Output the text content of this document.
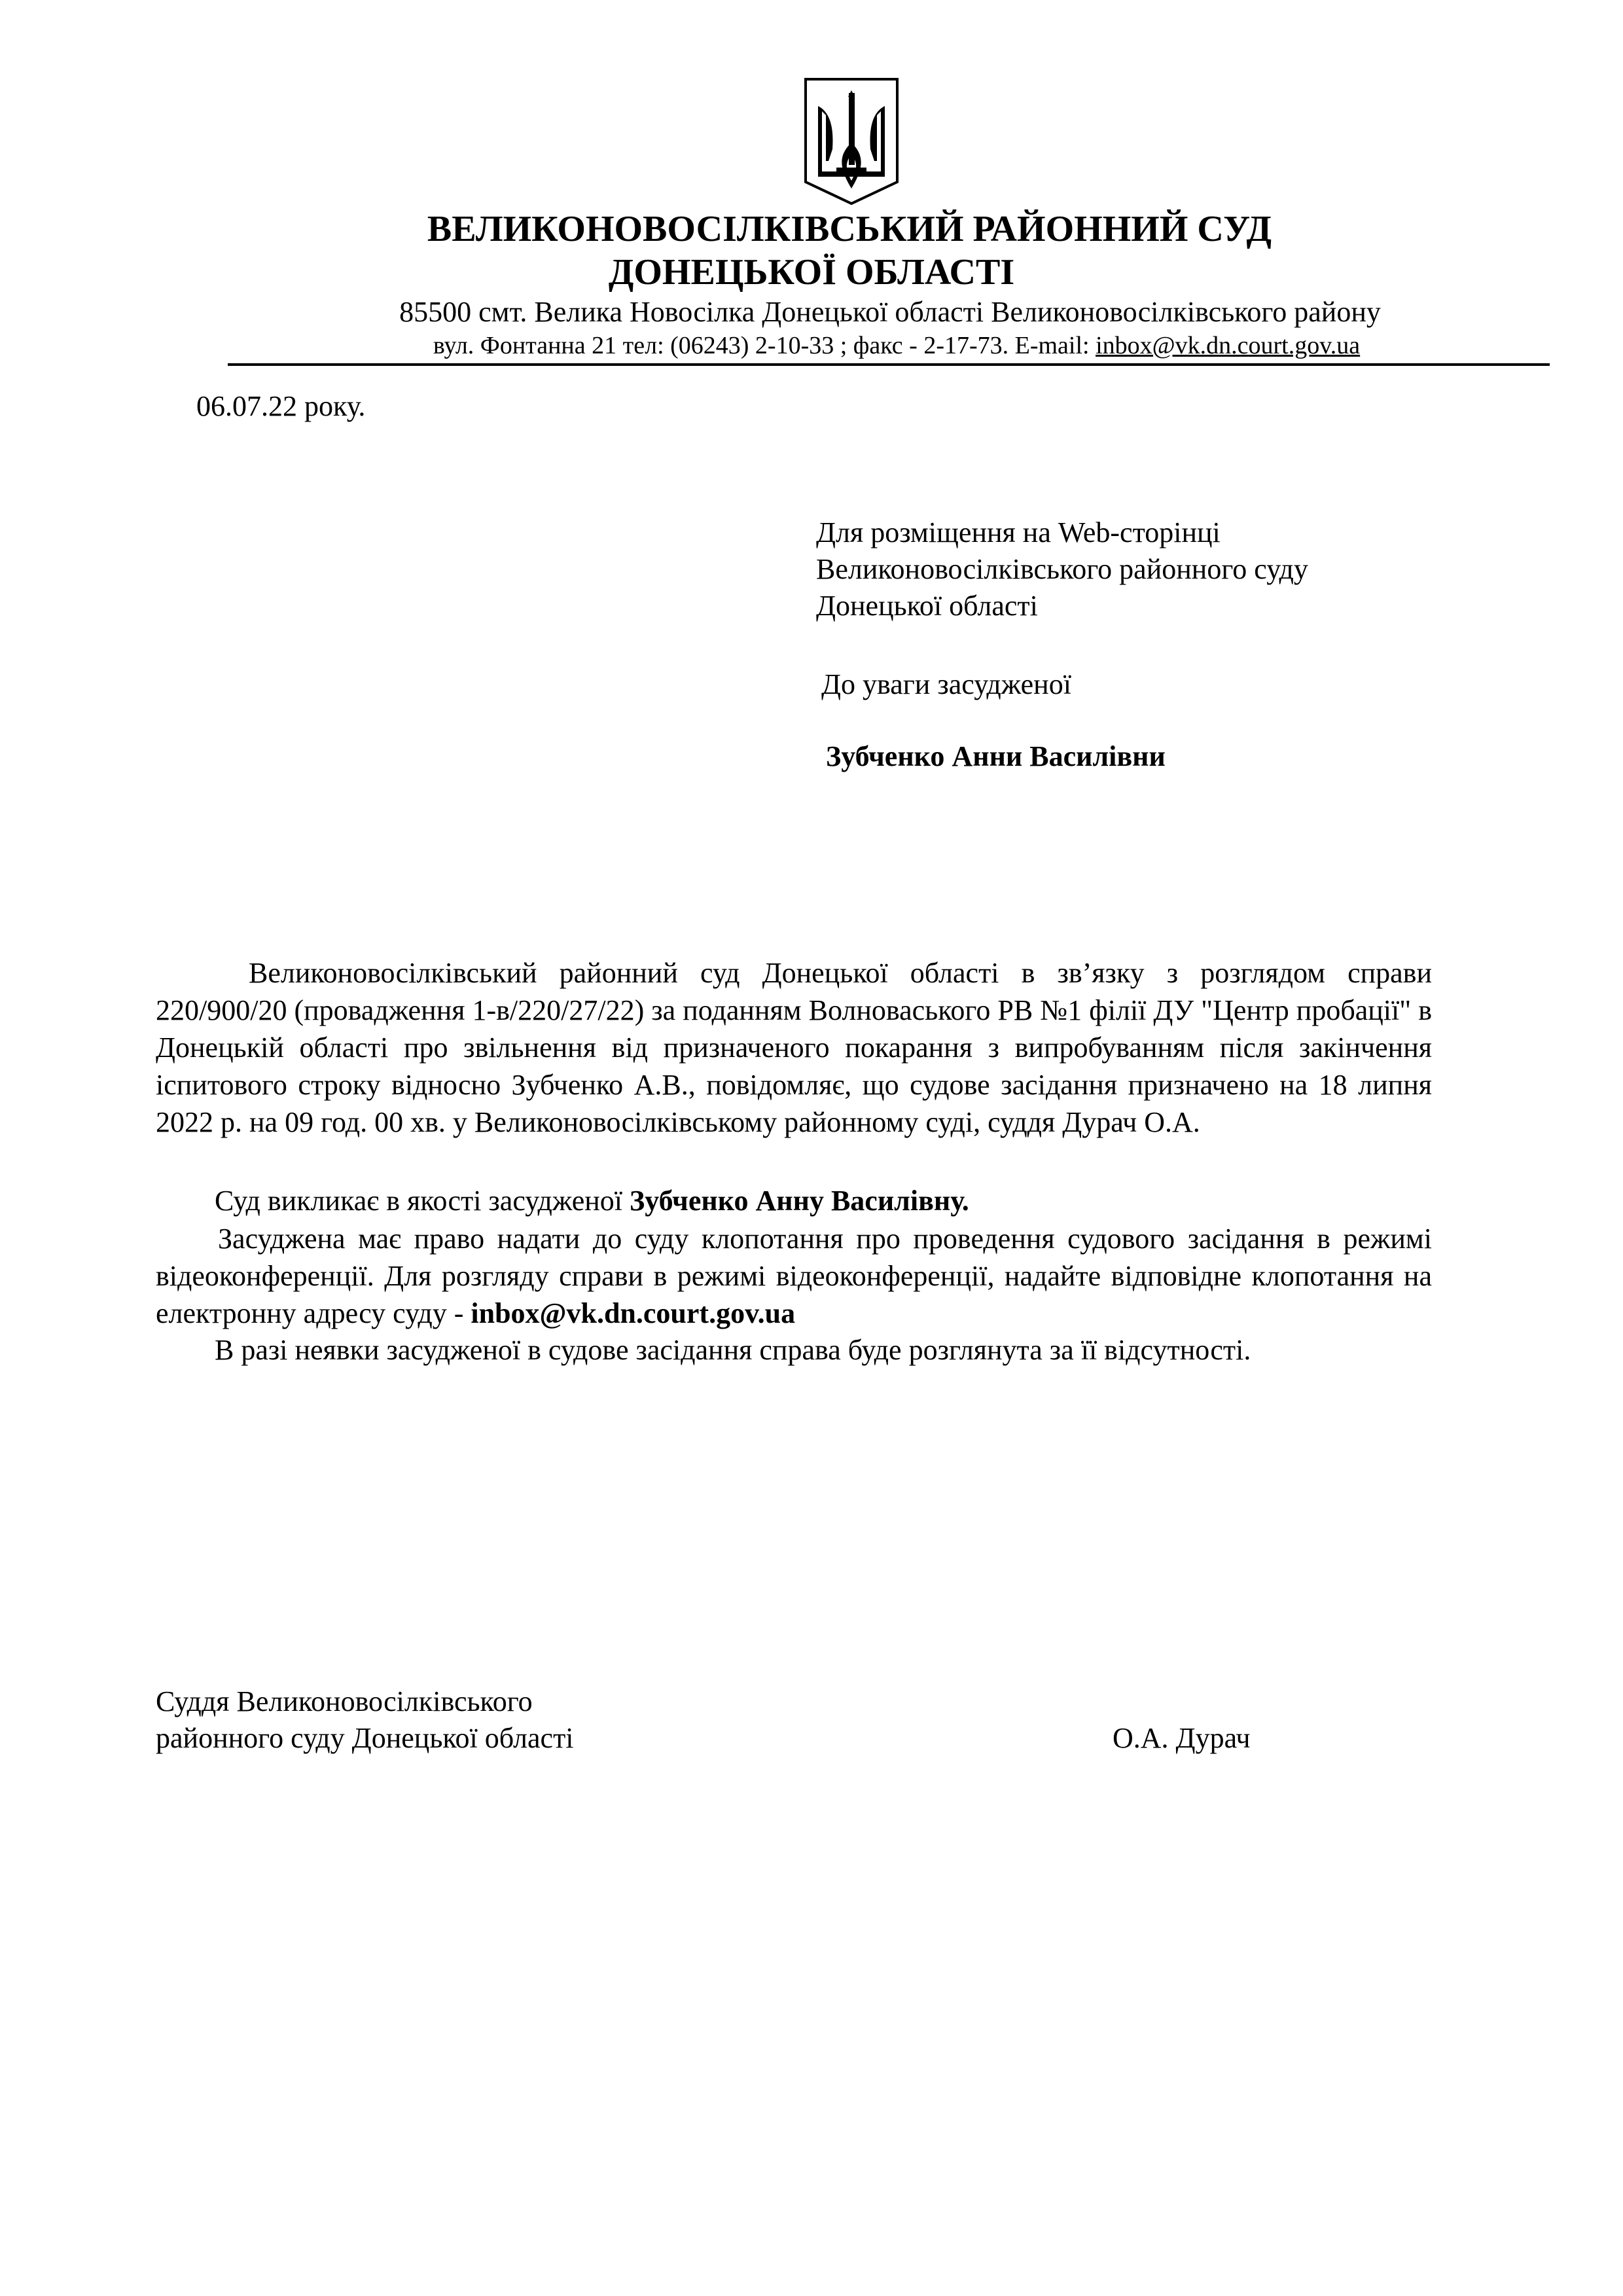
ВЕЛИКОНОВОСІЛКІВСЬКИЙ РАЙОННИЙ СУД
ДОНЕЦЬКОЇ ОБЛАСТІ
85500 смт. Велика Новосілка Донецької області Великоновосілківського району
вул. Фонтанна 21 тел: (06243) 2-10-33 ; факс - 2-17-73. E-mail: inbox@vk.dn.court.gov.ua
06.07.22 року.
Для розміщення на Web-сторінці
Великоновосілківського районного суду
Донецької області
До уваги засудженої
Зубченко Анни Василівни
Великоновосілківський районний суд Донецької області в зв’язку з розглядом справи 220/900/20 (провадження 1-в/220/27/22) за поданням Волноваського РВ №1 філії ДУ "Центр пробації" в Донецькій області про звільнення від призначеного покарання з випробуванням після закінчення іспитового строку відносно Зубченко А.В., повідомляє, що судове засідання призначено на 18 липня 2022 р. на 09 год. 00 хв. у Великоновосілківському районному суді, суддя Дурач О.А.
Суд викликає в якості засудженої Зубченко Анну Василівну.
Засуджена має право надати до суду клопотання про проведення судового засідання в режимі відеоконференції. Для розгляду справи в режимі відеоконференції, надайте відповідне клопотання на електронну адресу суду - inbox@vk.dn.court.gov.ua
В разі неявки засудженої в судове засідання справа буде розглянута за її відсутності.
Суддя Великоновосілківського
районного суду Донецької області	О.А. Дурач
